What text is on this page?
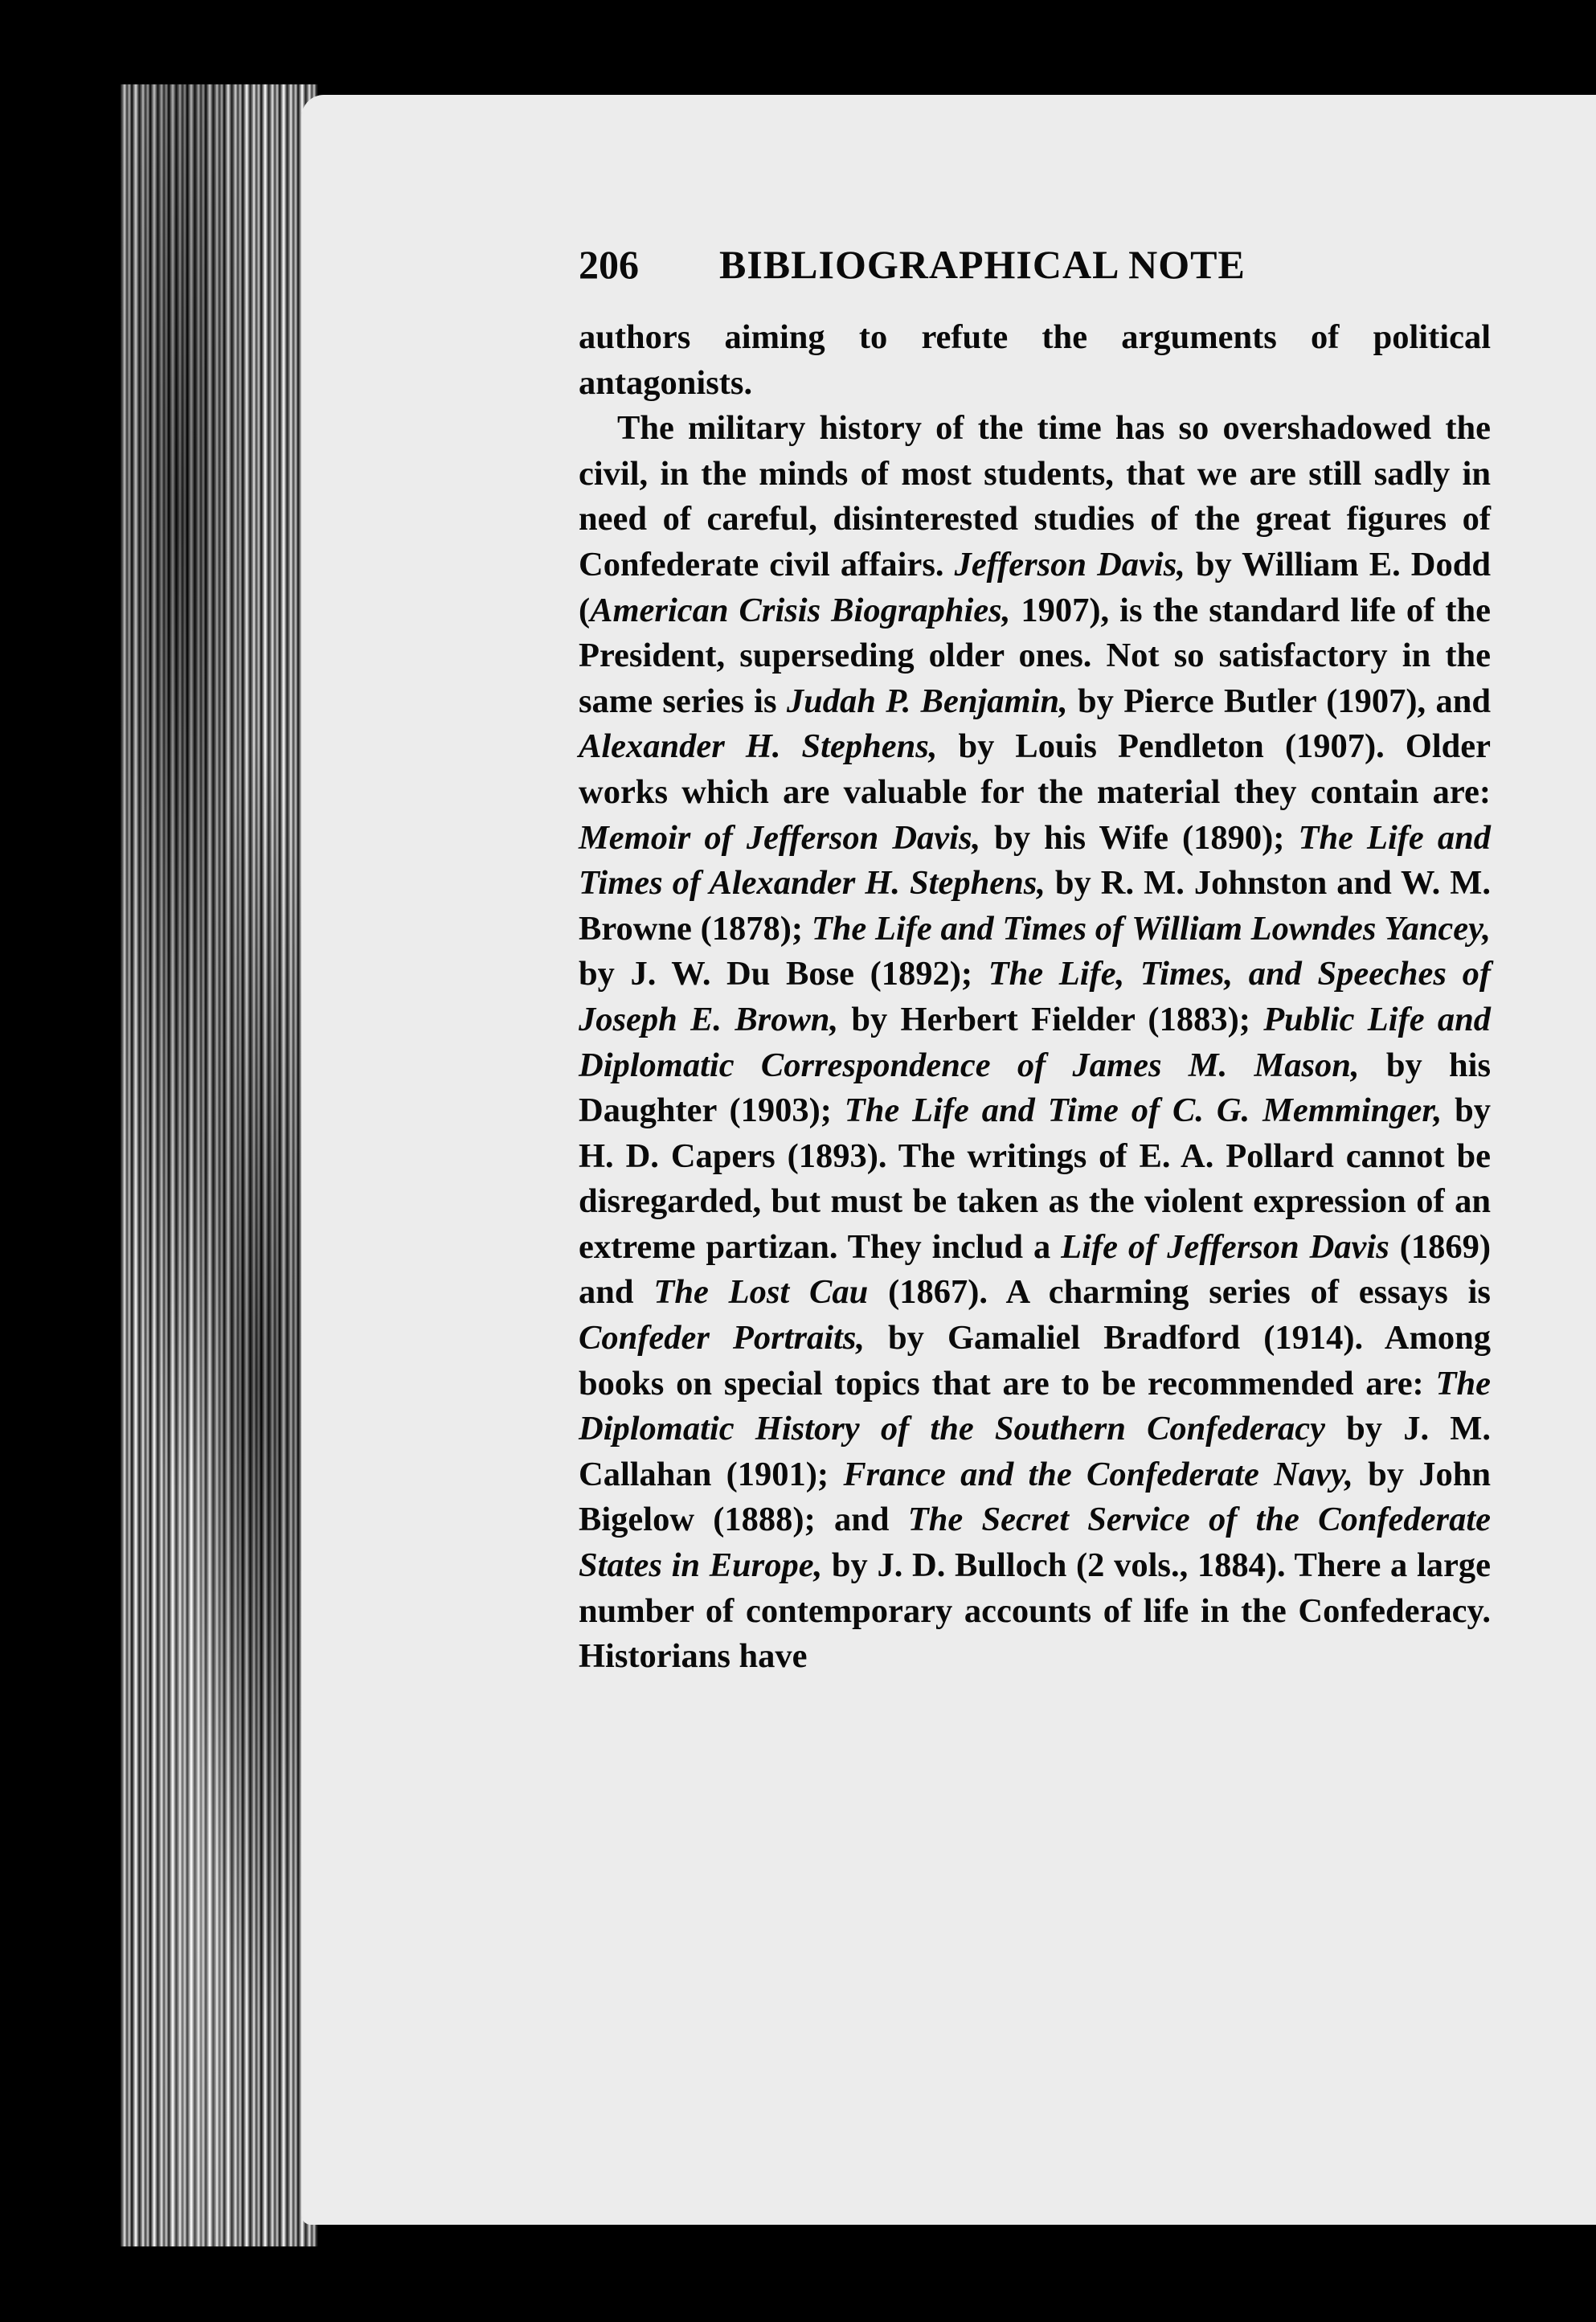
206 BIBLIOGRAPHICAL NOTE

authors aiming to refute the arguments of political antagonists.

The military history of the time has so overshadowed the civil, in the minds of most students, that we are still sadly in need of careful, disinterested studies of the great figures of Confederate civil affairs. Jefferson Davis, by William E. Dodd (American Crisis Biographies, 1907), is the standard life of the President, superseding older ones. Not so satisfactory in the same series is Judah P. Benjamin, by Pierce Butler (1907), and Alexander H. Stephens, by Louis Pendleton (1907). Older works which are valuable for the material they contain are: Memoir of Jefferson Davis, by his Wife (1890); The Life and Times of Alexander H. Stephens, by R. M. Johnston and W. M. Browne (1878); The Life and Times of William Lowndes Yancey, by J. W. Du Bose (1892); The Life, Times, and Speeches of Joseph E. Brown, by Herbert Fielder (1883); Public Life and Diplomatic Correspondence of James M. Mason, by his Daughter (1903); The Life and Time of C. G. Memminger, by H. D. Capers (1893). The writings of E. A. Pollard cannot be disregarded, but must be taken as the violent expression of an extreme partizan. They includ a Life of Jefferson Davis (1869) and The Lost Cau (1867). A charming series of essays is Confeder Portraits, by Gamaliel Bradford (1914). Among books on special topics that are to be recommended are: The Diplomatic History of the Southern Confederacy by J. M. Callahan (1901); France and the Confederate Navy, by John Bigelow (1888); and The Secret Service of the Confederate States in Europe, by J. D. Bulloch (2 vols., 1884). There a large number of contemporary accounts of life in the Confederacy. Historians have
